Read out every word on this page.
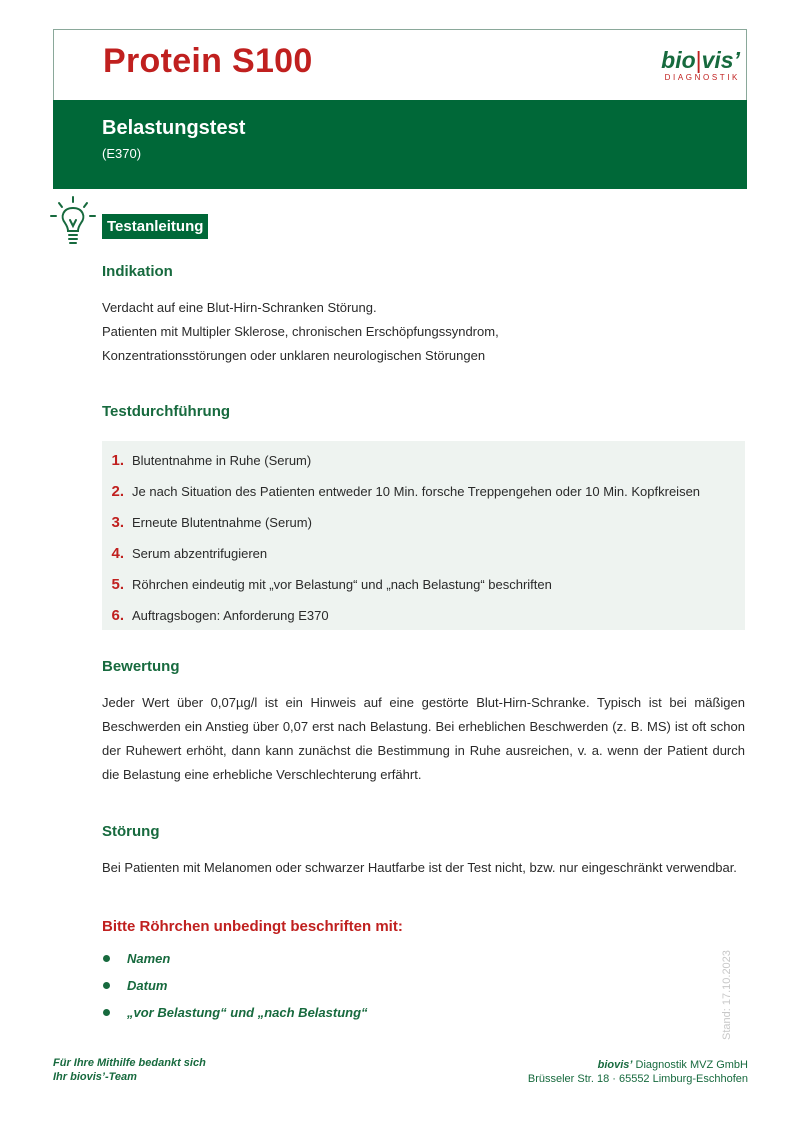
Protein S100	bio|vis’
DIAGNOSTIK
Belastungstest
(E370)
Testanleitung
Indikation
Verdacht auf eine Blut-Hirn-Schranken Störung.
Patienten mit Multipler Sklerose, chronischen Erschöpfungssyndrom,
Konzentrationsstörungen oder unklaren neurologischen Störungen
Testdurchführung
1. Blutentnahme in Ruhe (Serum)
2. Je nach Situation des Patienten entweder 10 Min. forsche Treppengehen oder 10 Min. Kopfkreisen
3. Erneute Blutentnahme (Serum)
4. Serum abzentrifugieren
5. Röhrchen eindeutig mit „vor Belastung“ und „nach Belastung“ beschriften
6. Auftragsbogen: Anforderung E370
Bewertung
Jeder Wert über 0,07µg/l ist ein Hinweis auf eine gestörte Blut-Hirn-Schranke. Typisch ist bei mäßigen Beschwerden ein Anstieg über 0,07 erst nach Belastung. Bei erheblichen Beschwerden (z. B. MS) ist oft schon der Ruhewert erhöht, dann kann zunächst die Bestimmung in Ruhe ausreichen, v. a. wenn der Patient durch die Belastung eine erhebliche Verschlechterung erfährt.
Störung
Bei Patienten mit Melanomen oder schwarzer Hautfarbe ist der Test nicht, bzw. nur eingeschränkt verwendbar.
Bitte Röhrchen unbedingt beschriften mit:
Namen
Datum
„vor Belastung“ und „nach Belastung“	Stand: 17.10.2023
Für Ihre Mithilfe bedankt sich
Ihr biovis’-Team
biovis’ Diagnostik MVZ GmbH
Brüsseler Str. 18 · 65552 Limburg-Eschhofen
